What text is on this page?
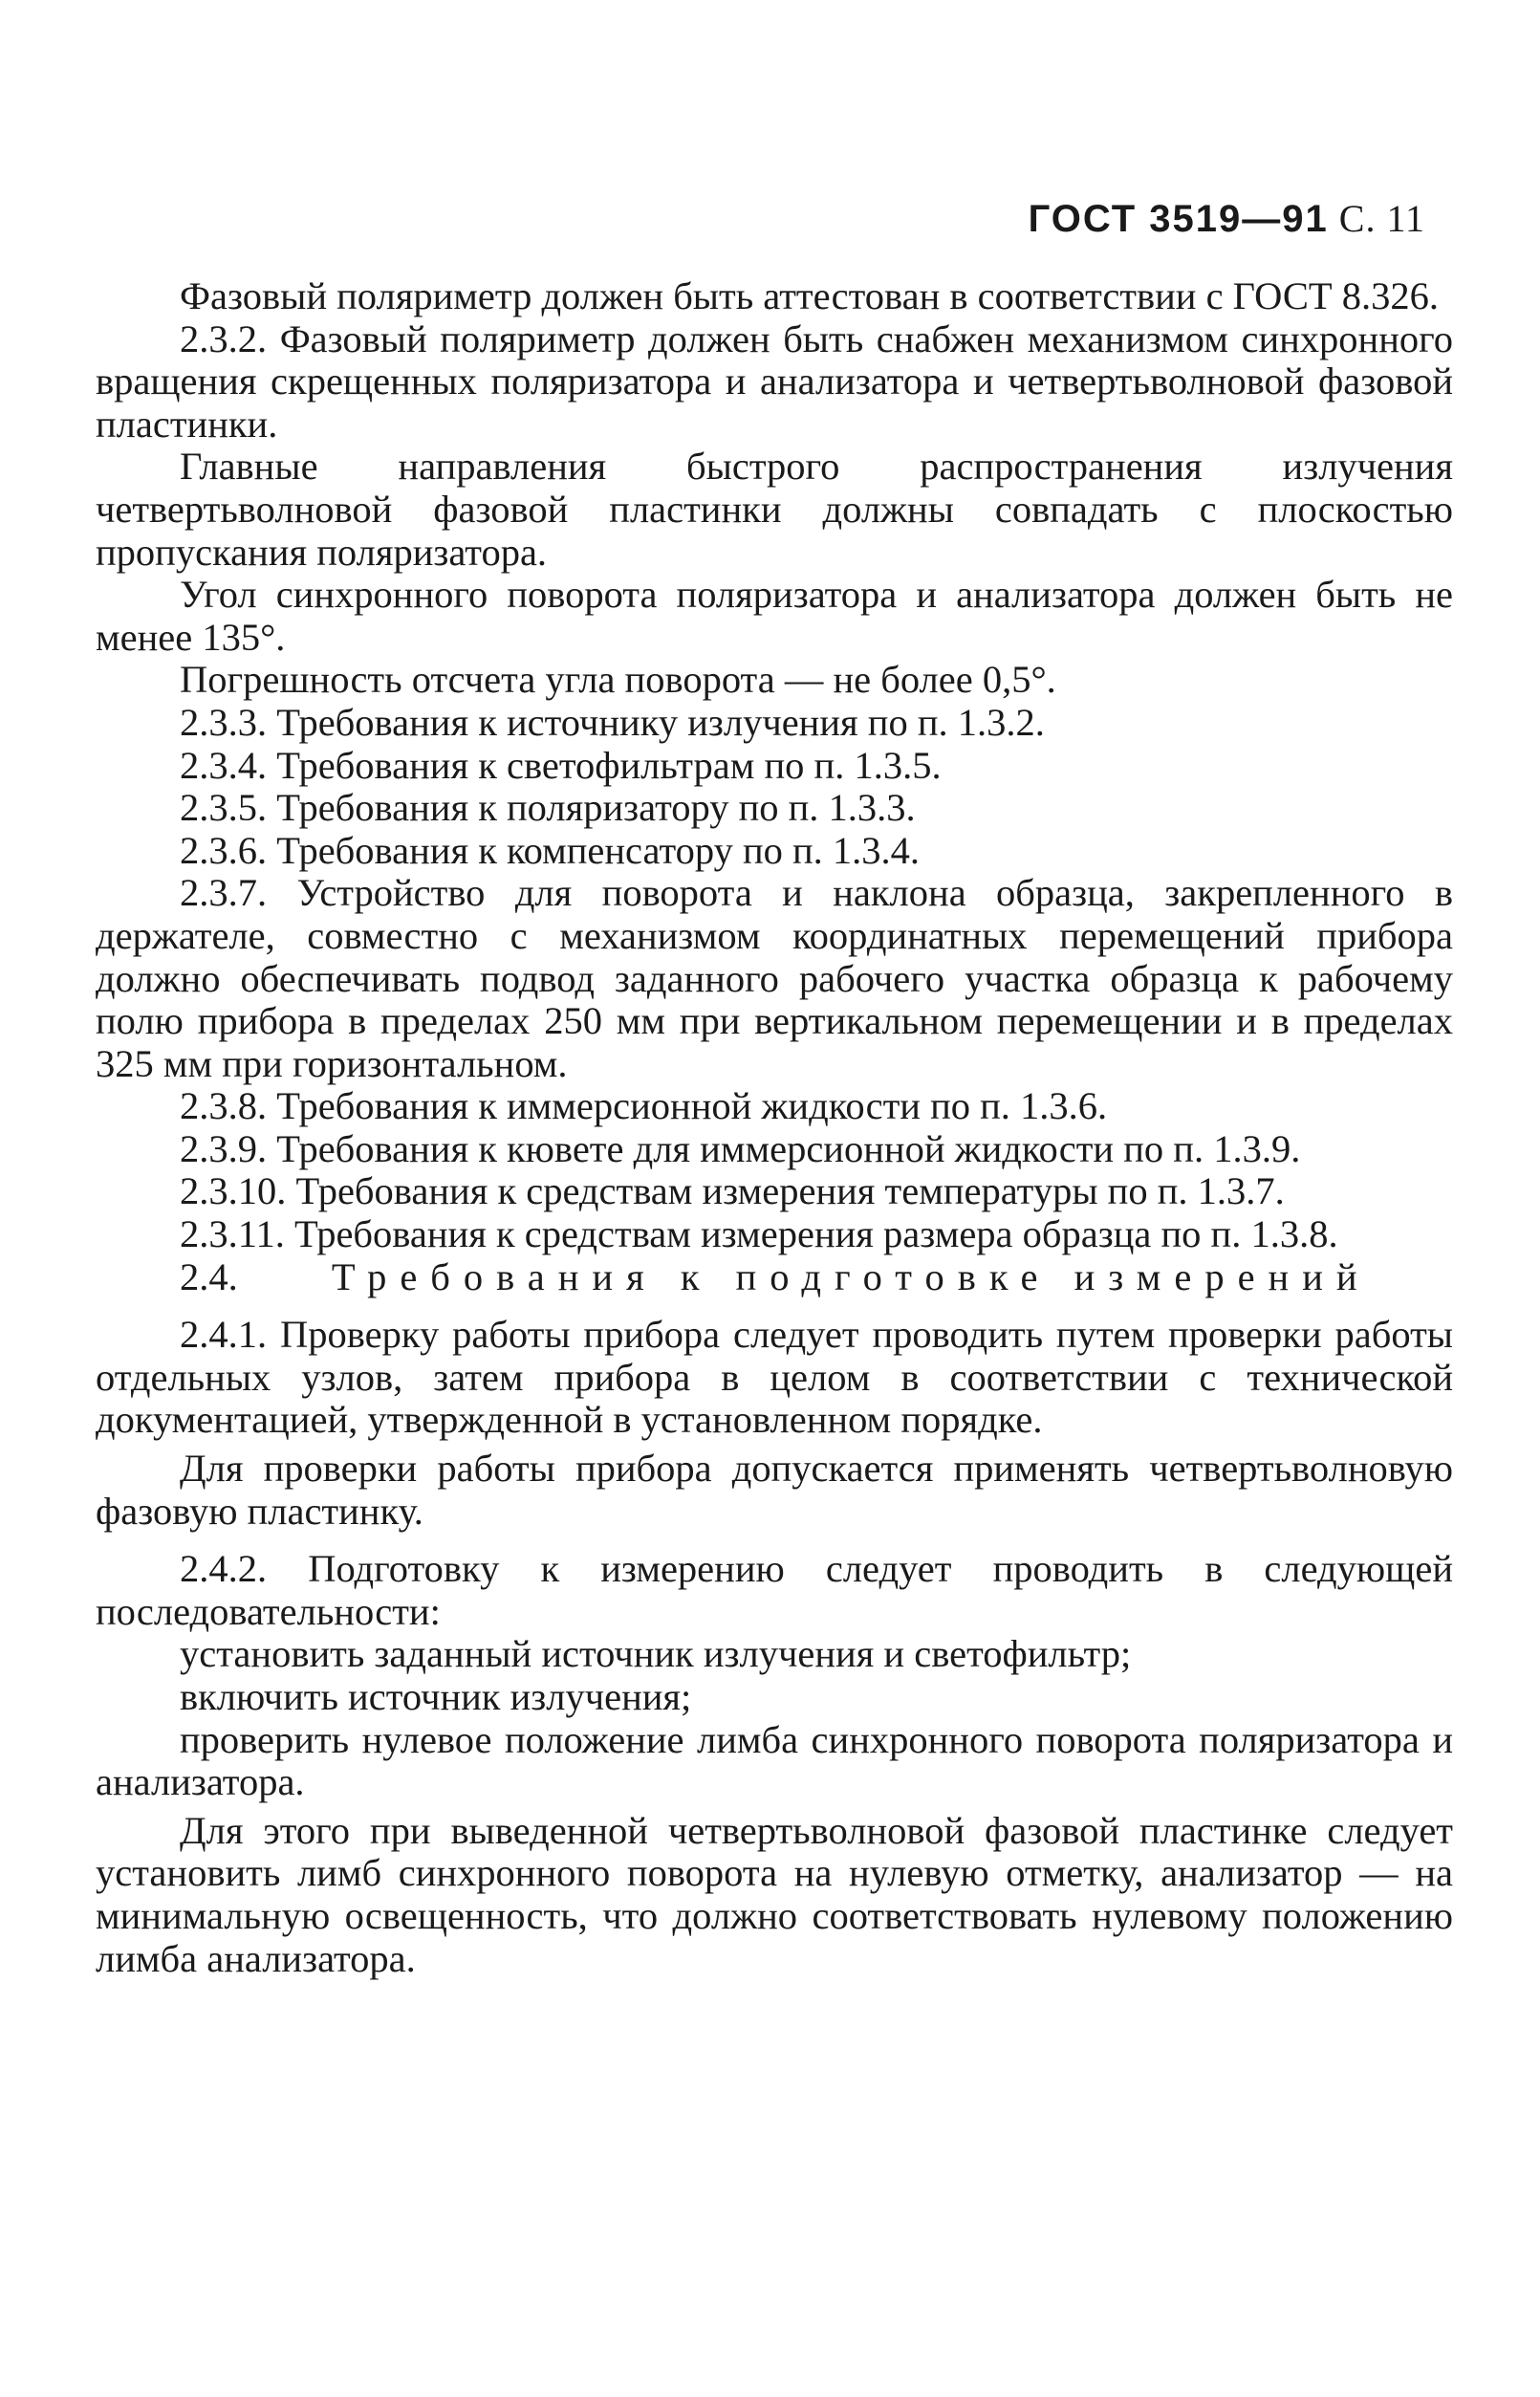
ГОСТ 3519—91 С. 11

Фазовый поляриметр должен быть аттестован в соответствии с ГОСТ 8.326.

2.3.2. Фазовый поляриметр должен быть снабжен механизмом синхронного вращения скрещенных поляризатора и анализатора и четвертьволновой фазовой пластинки.

Главные направления быстрого распространения излучения четвертьволновой фазовой пластинки должны совпадать с плоскостью пропускания поляризатора.

Угол синхронного поворота поляризатора и анализатора должен быть не менее 135°.

Погрешность отсчета угла поворота — не более 0,5°.

2.3.3. Требования к источнику излучения по п. 1.3.2.

2.3.4. Требования к светофильтрам по п. 1.3.5.

2.3.5. Требования к поляризатору по п. 1.3.3.

2.3.6. Требования к компенсатору по п. 1.3.4.

2.3.7. Устройство для поворота и наклона образца, закрепленного в держателе, совместно с механизмом координатных перемещений прибора должно обеспечивать подвод заданного рабочего участка образца к рабочему полю прибора в пределах 250 мм при вертикальном перемещении и в пределах 325 мм при горизонтальном.

2.3.8. Требования к иммерсионной жидкости по п. 1.3.6.

2.3.9. Требования к кювете для иммерсионной жидкости по п. 1.3.9.

2.3.10. Требования к средствам измерения температуры по п. 1.3.7.

2.3.11. Требования к средствам измерения размера образца по п. 1.3.8.

2.4. Требования к подготовке измерений

2.4.1. Проверку работы прибора следует проводить путем проверки работы отдельных узлов, затем прибора в целом в соответствии с технической документацией, утвержденной в установленном порядке.

Для проверки работы прибора допускается применять четвертьволновую фазовую пластинку.

2.4.2. Подготовку к измерению следует проводить в следующей последовательности:

установить заданный источник излучения и светофильтр;

включить источник излучения;

проверить нулевое положение лимба синхронного поворота поляризатора и анализатора.

Для этого при выведенной четвертьволновой фазовой пластинке следует установить лимб синхронного поворота на нулевую отметку, анализатор — на минимальную освещенность, что должно соответствовать нулевому положению лимба анализатора.
